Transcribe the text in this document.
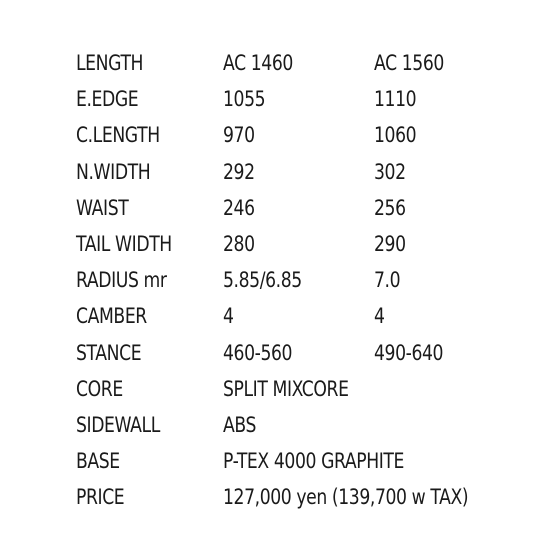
LENGTH	AC 1460	AC 1560
E.EDGE	1055	1110
C.LENGTH	970	1060
N.WIDTH	292	302
WAIST	246	256
TAIL WIDTH 280	290
RADIUS mr	5.85/6.85	7.0
CAMBER	4	4
STANCE	460-560	490-640
CORE	SPLIT MIXCORE
SIDEWALL	ABS
BASE	P-TEX 4000 GRAPHITE
PRICE	127,000 yen (139,700 w TAX)
